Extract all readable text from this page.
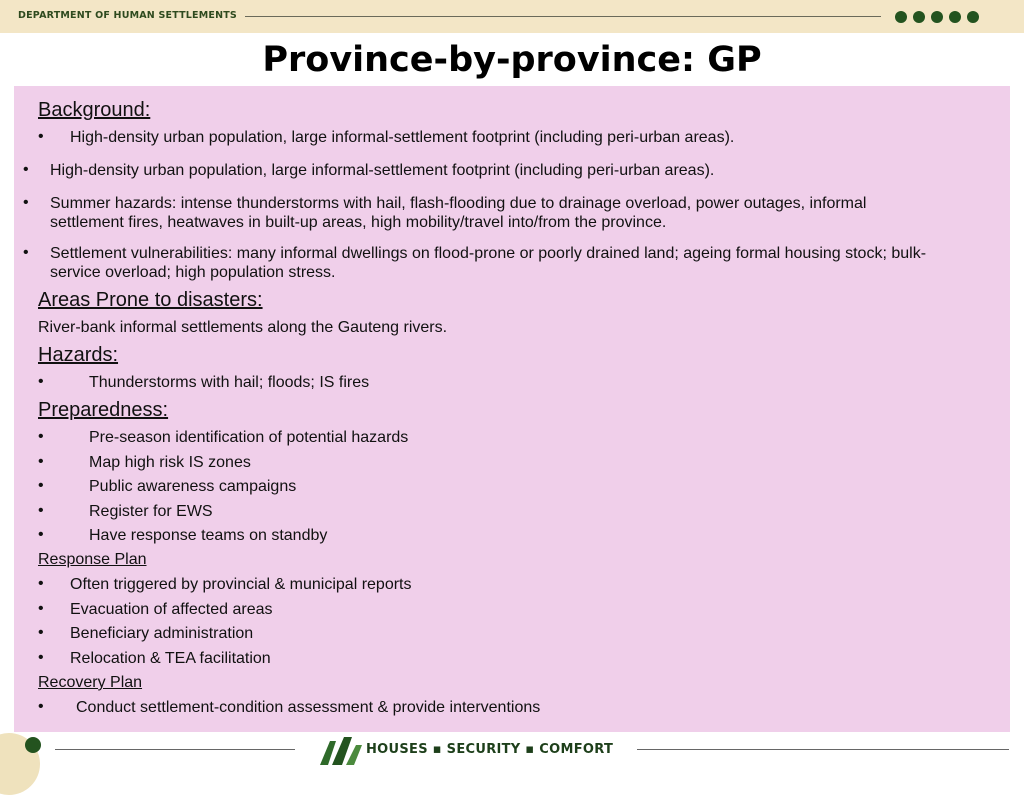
DEPARTMENT OF HUMAN SETTLEMENTS
Province-by-province: GP
Background:
• High-density urban population, large informal-settlement footprint (including peri-urban areas).
• High-density urban population, large informal-settlement footprint (including peri-urban areas).
• Summer hazards: intense thunderstorms with hail, flash-flooding due to drainage overload, power outages, informal
settlement fires, heatwaves in built-up areas, high mobility/travel into/from the province.
• Settlement vulnerabilities: many informal dwellings on flood-prone or poorly drained land; ageing formal housing stock; bulk-
service overload; high population stress.
Areas Prone to disasters:
River-bank informal settlements along the Gauteng rivers.
Hazards:
•	Thunderstorms with hail; floods; IS fires
Preparedness:
•	Pre-season identification of potential hazards
•	Map high risk IS zones
•	Public awareness campaigns
•	Register for EWS
•	Have response teams on standby
Response Plan
• Often triggered by provincial & municipal reports
• Evacuation of affected areas
• Beneficiary administration
• Relocation & TEA facilitation
Recovery Plan
• Conduct settlement-condition assessment & provide interventions
HOUSES ▪ SECURITY ▪ COMFORT
